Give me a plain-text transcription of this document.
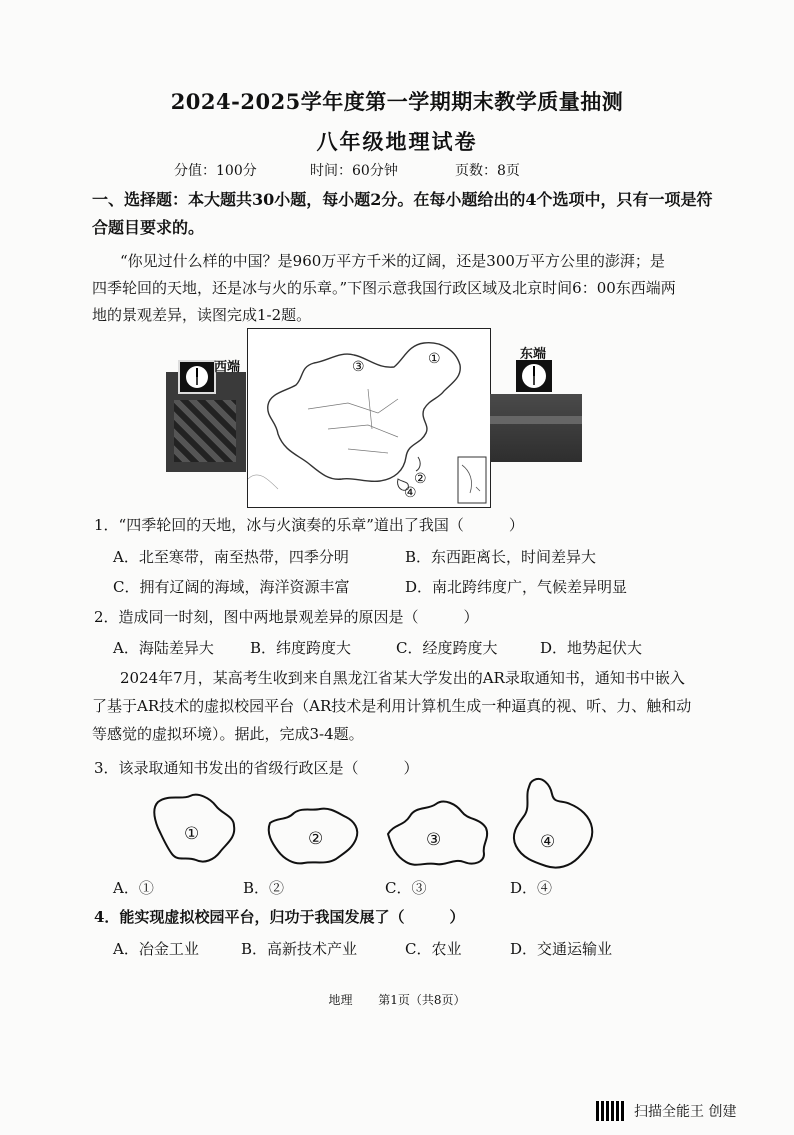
2024-2025学年度第一学期期末教学质量抽测
八年级地理试卷
分值：100分	时间：60分钟	页数：8页
一、选择题：本大题共30小题，每小题2分。在每小题给出的4个选项中，只有一项是符
合题目要求的。
“你见过什么样的中国？是960万平方千米的辽阔，还是300万平方公里的澎湃；是
四季轮回的天地，还是冰与火的乐章。”下图示意我国行政区域及北京时间6：00东西端两
地的景观差异，读图完成1-2题。
西端
①
②
③
④
东端
1．“四季轮回的天地，冰与火演奏的乐章”道出了我国（　　　）
A．北至寒带，南至热带，四季分明	B．东西距离长，时间差异大
C．拥有辽阔的海域，海洋资源丰富	D．南北跨纬度广，气候差异明显
2．造成同一时刻，图中两地景观差异的原因是（　　　）
A．海陆差异大 B．纬度跨度大	C．经度跨度大	D．地势起伏大
2024年7月，某高考生收到来自黑龙江省某大学发出的AR录取通知书，通知书中嵌入
了基于AR技术的虚拟校园平台（AR技术是利用计算机生成一种逼真的视、听、力、触和动
等感觉的虚拟环境）。据此，完成3-4题。
3．该录取通知书发出的省级行政区是（　　　）
①	②	③	④
A．①	B．②	C．③	D．④
4．能实现虚拟校园平台，归功于我国发展了（　　　）
A．冶金工业	B．高新技术产业	C．农业	D．交通运输业
地理 第1页（共8页）
扫描全能王 创建
